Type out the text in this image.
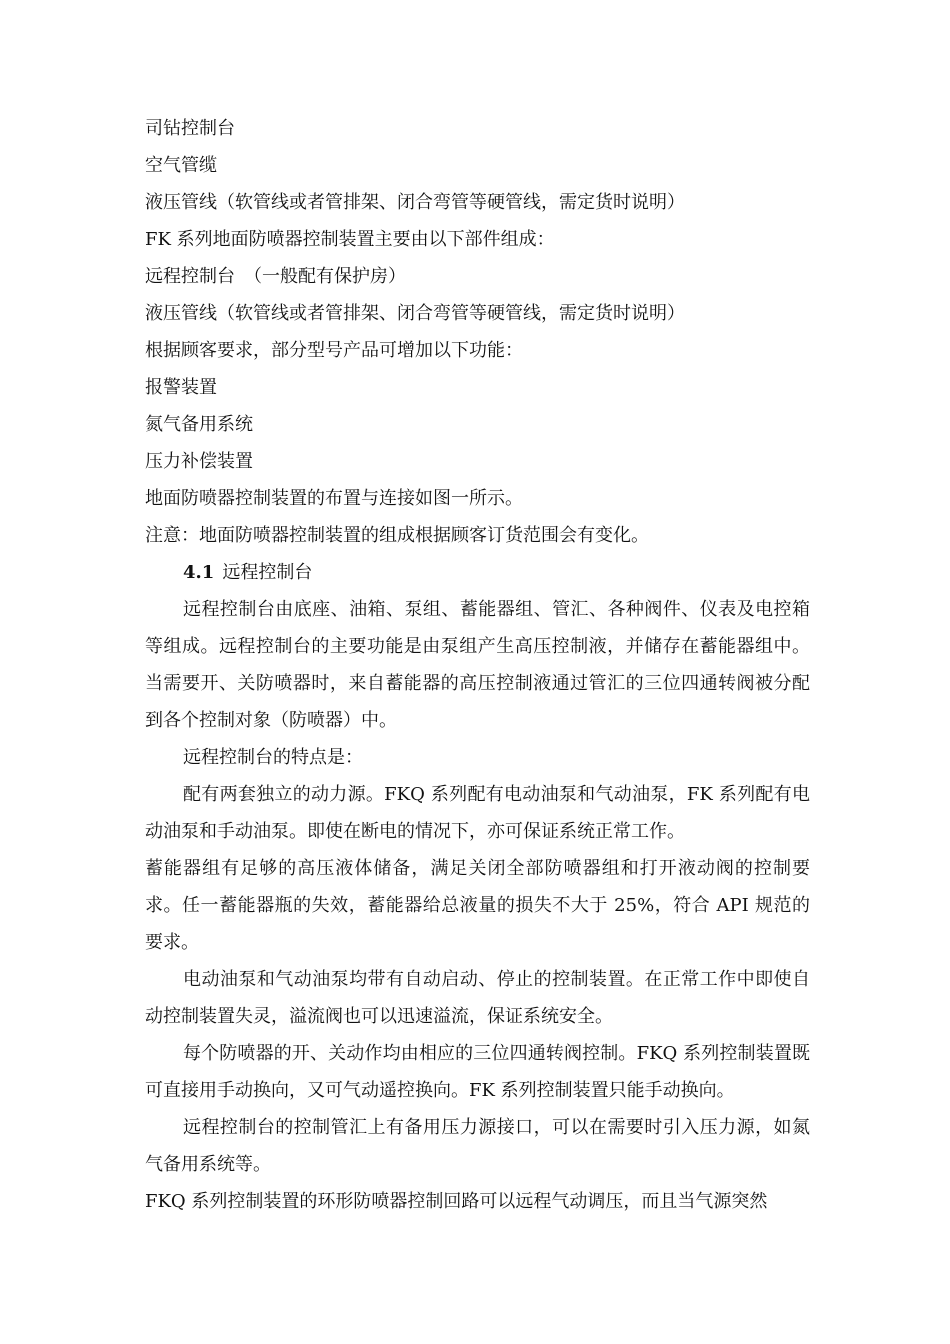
司钻控制台

空气管缆

液压管线（软管线或者管排架、闭合弯管等硬管线，需定货时说明）

FK 系列地面防喷器控制装置主要由以下部件组成：

远程控制台　（一般配有保护房）

液压管线（软管线或者管排架、闭合弯管等硬管线，需定货时说明）

根据顾客要求，部分型号产品可增加以下功能：

报警装置

氮气备用系统

压力补偿装置

地面防喷器控制装置的布置与连接如图一所示。

注意：地面防喷器控制装置的组成根据顾客订货范围会有变化。

4.1 远程控制台

远程控制台由底座、油箱、泵组、蓄能器组、管汇、各种阀件、仪表及电控箱等组成。远程控制台的主要功能是由泵组产生高压控制液，并储存在蓄能器组中。当需要开、关防喷器时，来自蓄能器的高压控制液通过管汇的三位四通转阀被分配到各个控制对象（防喷器）中。

远程控制台的特点是：

配有两套独立的动力源。FKQ 系列配有电动油泵和气动油泵，FK 系列配有电动油泵和手动油泵。即使在断电的情况下，亦可保证系统正常工作。

蓄能器组有足够的高压液体储备，满足关闭全部防喷器组和打开液动阀的控制要求。任一蓄能器瓶的失效，蓄能器给总液量的损失不大于 25%，符合 API 规范的要求。

电动油泵和气动油泵均带有自动启动、停止的控制装置。在正常工作中即使自动控制装置失灵，溢流阀也可以迅速溢流，保证系统安全。

每个防喷器的开、关动作均由相应的三位四通转阀控制。FKQ 系列控制装置既可直接用手动换向，又可气动遥控换向。FK 系列控制装置只能手动换向。

远程控制台的控制管汇上有备用压力源接口，可以在需要时引入压力源，如氮气备用系统等。

FKQ 系列控制装置的环形防喷器控制回路可以远程气动调压，而且当气源突然
